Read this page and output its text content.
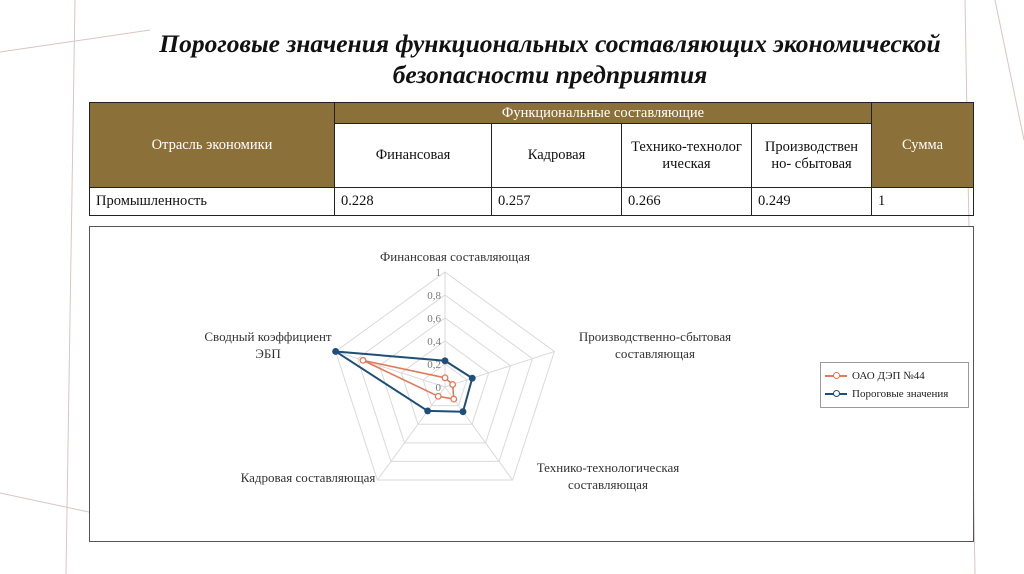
Пороговые значения функциональных составляющих экономической
безопасности предприятия
Отрасль экономики	Функциональные составляющие				Сумма
	Финансовая	Кадровая	Технико-технологическая	Производствен но- сбытовая	
Промышленность	0.228	0.257	0.266	0.249	1
0
0,2
0,4
0,6
0,8
1
Финансовая составляющая
Производственно-сбытовая составляющая
Технико-технологическая составляющая
Кадровая составляющая
Сводный коэффициент ЭБП
ОАО ДЭП №44
Пороговые значения
